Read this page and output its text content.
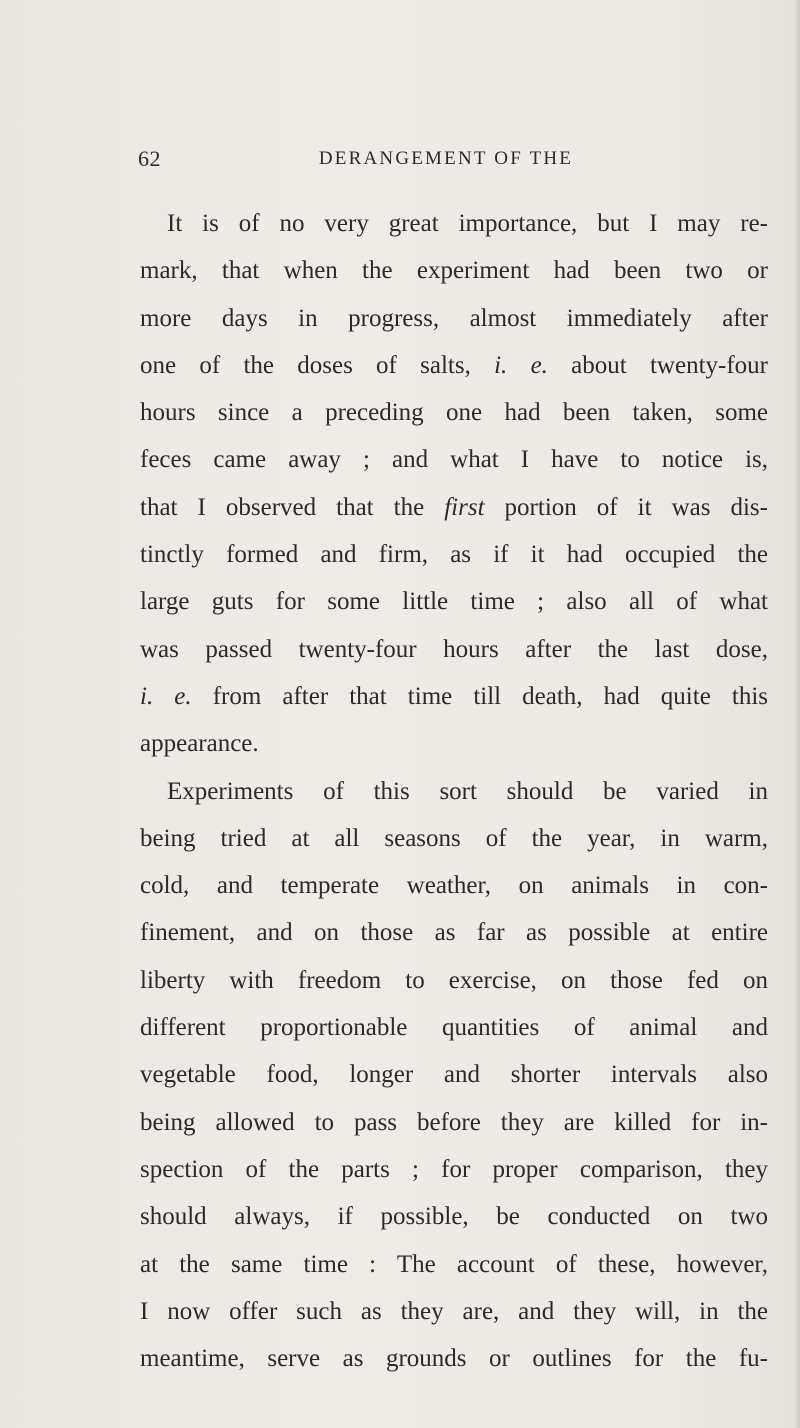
62	DERANGEMENT OF THE
It is of no very great importance, but I may re-
mark, that when the experiment had been two or
more days in progress, almost immediately after
one of the doses of salts, i. e. about twenty-four
hours since a preceding one had been taken, some
feces came away ; and what I have to notice is,
that I observed that the first portion of it was dis-
tinctly formed and firm, as if it had occupied the
large guts for some little time ; also all of what
was passed twenty-four hours after the last dose,
i. e. from after that time till death, had quite this
appearance.
Experiments of this sort should be varied in
being tried at all seasons of the year, in warm,
cold, and temperate weather, on animals in con-
finement, and on those as far as possible at entire
liberty with freedom to exercise, on those fed on
different proportionable quantities of animal and
vegetable food, longer and shorter intervals also
being allowed to pass before they are killed for in-
spection of the parts ; for proper comparison, they
should always, if possible, be conducted on two
at the same time : The account of these, however,
I now offer such as they are, and they will, in the
meantime, serve as grounds or outlines for the fu-
